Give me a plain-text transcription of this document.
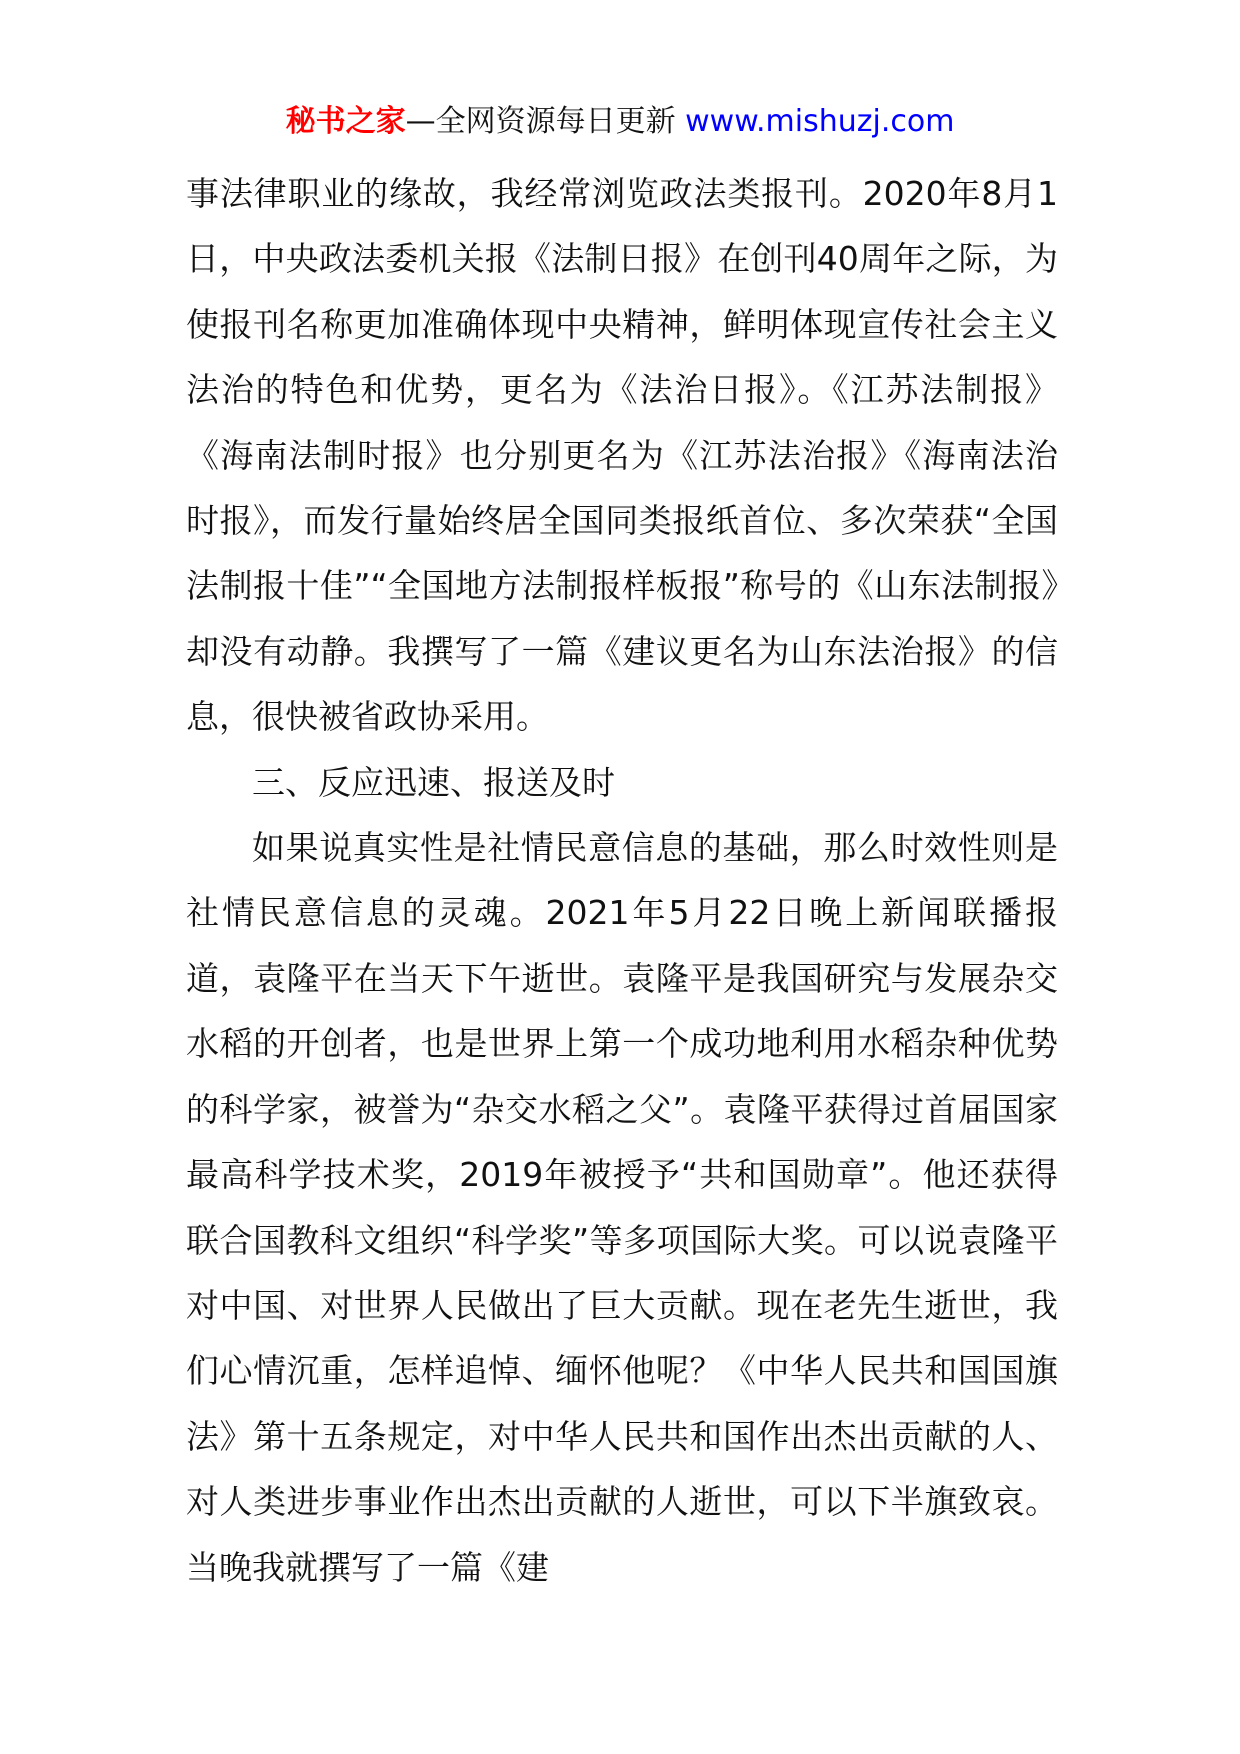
秘书之家—全网资源每日更新 www.mishuzj.com

事法律职业的缘故，我经常浏览政法类报刊。2020年8月1日，中央政法委机关报《法制日报》在创刊40周年之际，为使报刊名称更加准确体现中央精神，鲜明体现宣传社会主义法治的特色和优势，更名为《法治日报》。《江苏法制报》《海南法制时报》也分别更名为《江苏法治报》《海南法治时报》，而发行量始终居全国同类报纸首位、多次荣获“全国法制报十佳”“全国地方法制报样板报”称号的《山东法制报》却没有动静。我撰写了一篇《建议更名为山东法治报》的信息，很快被省政协采用。

三、反应迅速、报送及时

如果说真实性是社情民意信息的基础，那么时效性则是社情民意信息的灵魂。2021年5月22日晚上新闻联播报道，袁隆平在当天下午逝世。袁隆平是我国研究与发展杂交水稻的开创者，也是世界上第一个成功地利用水稻杂种优势的科学家，被誉为“杂交水稻之父”。袁隆平获得过首届国家最高科学技术奖，2019年被授予“共和国勋章”。他还获得联合国教科文组织“科学奖”等多项国际大奖。可以说袁隆平对中国、对世界人民做出了巨大贡献。现在老先生逝世，我们心情沉重，怎样追悼、缅怀他呢？《中华人民共和国国旗法》第十五条规定，对中华人民共和国作出杰出贡献的人、对人类进步事业作出杰出贡献的人逝世，可以下半旗致哀。当晚我就撰写了一篇《建
